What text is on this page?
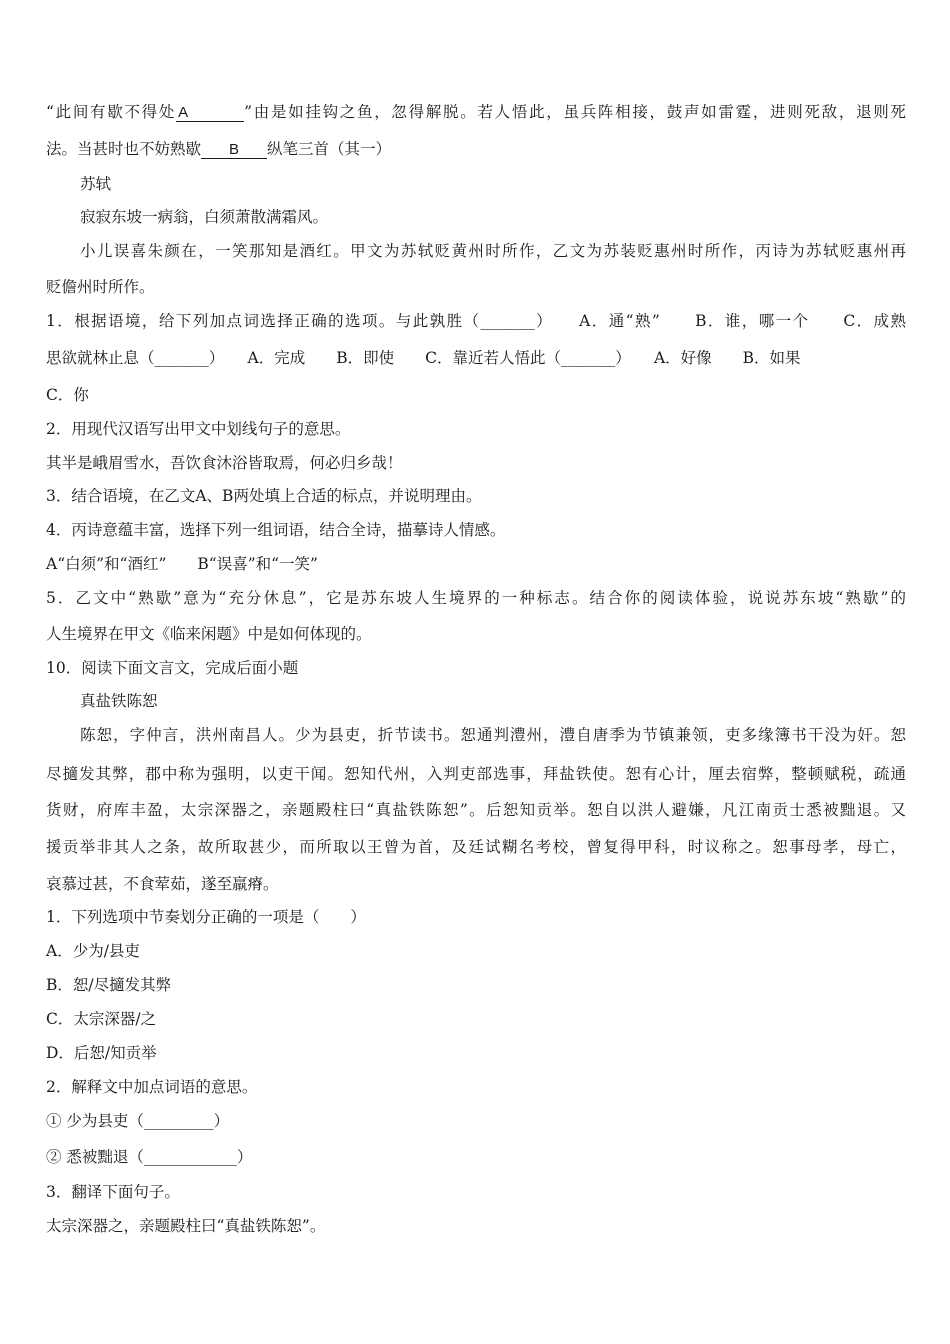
“此间有歇不得处 A	”由是如挂钩之鱼，忽得解脱。若人悟此，虽兵阵相接，鼓声如雷霆，进则死敌，退则死
法。当甚时也不妨熟歇 B 纵笔三首（其一）
苏轼
寂寂东坡一病翁，白须萧散满霜风。
小儿误喜朱颜在，一笑那知是酒红。甲文为苏轼贬黄州时所作，乙文为苏装贬惠州时所作，丙诗为苏轼贬惠州再
贬儋州时所作。
1．根据语境，给下列加点词选择正确的选项。与此孰胜（_______）　　A．通“熟”　　B．谁，哪一个　　C．成熟
思欲就林止息（_______）　　A．完成　　B．即使　　C．靠近若人悟此（_______）　　A．好像　　B．如果
C．你
2．用现代汉语写出甲文中划线句子的意思。
其半是峨眉雪水，吾饮食沐浴皆取焉，何必归乡哉！
3．结合语境，在乙文A、B两处填上合适的标点，并说明理由。
4．丙诗意蕴丰富，选择下列一组词语，结合全诗，描摹诗人情感。
A“白须”和“酒红”　　B“误喜”和“一笑”
5．乙文中“熟歇”意为“充分休息”，它是苏东坡人生境界的一种标志。结合你的阅读体验，说说苏东坡“熟歇”的
人生境界在甲文《临来闲题》中是如何体现的。
10．阅读下面文言文，完成后面小题
真盐铁陈恕
陈恕，字仲言，洪州南昌人。少为县吏，折节读书。恕通判澧州，澧自唐季为节镇兼领，吏多缘簿书干没为奸。恕
尽擿发其弊，郡中称为强明，以吏干闻。恕知代州，入判吏部选事，拜盐铁使。恕有心计，厘去宿弊，整顿赋税，疏通
货财，府库丰盈，太宗深器之，亲题殿柱曰“真盐铁陈恕”。后恕知贡举。恕自以洪人避嫌，凡江南贡士悉被黜退。又
援贡举非其人之条，故所取甚少，而所取以王曾为首，及廷试糊名考校，曾复得甲科，时议称之。恕事母孝，母亡，
哀慕过甚，不食荤茹，遂至羸瘠。
1．下列选项中节奏划分正确的一项是（　　）
A．少为/县吏
B．恕/尽擿发其弊
C．太宗深器/之
D．后恕/知贡举
2．解释文中加点词语的意思。
① 少为县吏（_________）
② 悉被黜退（____________）
3．翻译下面句子。
太宗深器之，亲题殿柱曰“真盐铁陈恕”。
